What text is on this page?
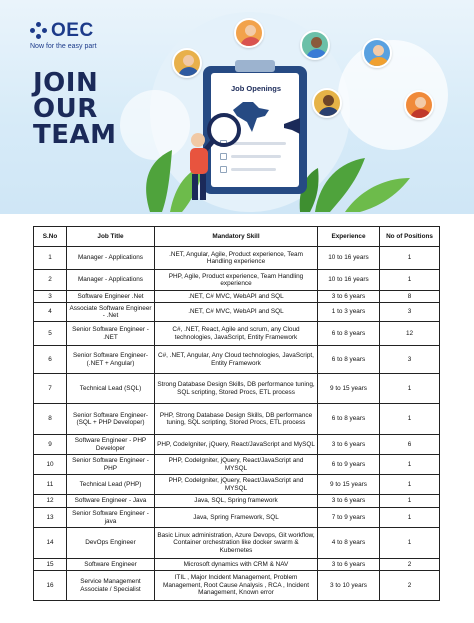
OEC
Now for the easy part
JOIN
OUR
TEAM
Job Openings
S.No	Job Title	Mandatory Skill	Experience	No of Positions
1	Manager - Applications	.NET, Angular, Agile, Product experience, Team Handling experience	10 to 16 years	1
2	Manager - Applications	PHP, Agile, Product experience, Team Handling experience	10 to 16 years	1
3	Software Engineer .Net	.NET, C# MVC, WebAPI and SQL	3 to 6 years	8
4	Associate Software Engineer - .Net	.NET, C# MVC, WebAPI and SQL	1 to 3 years	3
5	Senior Software Engineer - .NET	C#, .NET, React, Agile and scrum, any Cloud technologies, JavaScript, Entity Framework	6 to 8 years	12
6	Senior Software Engineer- (.NET + Angular)	C#, .NET, Angular, Any Cloud technologies, JavaScript, Entity Framework	6 to 8 years	3
7	Technical Lead (SQL)	Strong Database Design Skills, DB performance tuning, SQL scripting, Stored Procs, ETL process	9 to 15 years	1
8	Senior Software Engineer- (SQL + PHP Developer)	PHP, Strong Database Design Skills, DB performance tuning, SQL scripting, Stored Procs, ETL process	6 to 8 years	1
9	Software Engineer - PHP Developer	PHP, CodeIgniter, jQuery, React/JavaScript and MySQL	3 to 6 years	6
10	Senior Software Engineer - PHP	PHP, CodeIgniter, jQuery, React/JavaScript and MYSQL	6 to 9 years	1
11	Technical Lead (PHP)	PHP, CodeIgniter, jQuery, React/JavaScript and MYSQL	9 to 15 years	1
12	Software Engineer - Java	Java, SQL, Spring framework	3 to 6 years	1
13	Senior Software Engineer -java	Java, Spring Framework, SQL	7 to 9 years	1
14	DevOps Engineer	Basic Linux administration, Azure Devops, Git workflow, Container orchestration like docker swarm & Kubernetes	4 to 8 years	1
15	Software Engineer	Microsoft dynamics with CRM & NAV	3 to 6 years	2
16	Service Management Associate / Specialist	ITIL , Major Incident Management, Problem Management, Root Cause Analysis , RCA , Incident Management, Known error	3 to 10 years	2
